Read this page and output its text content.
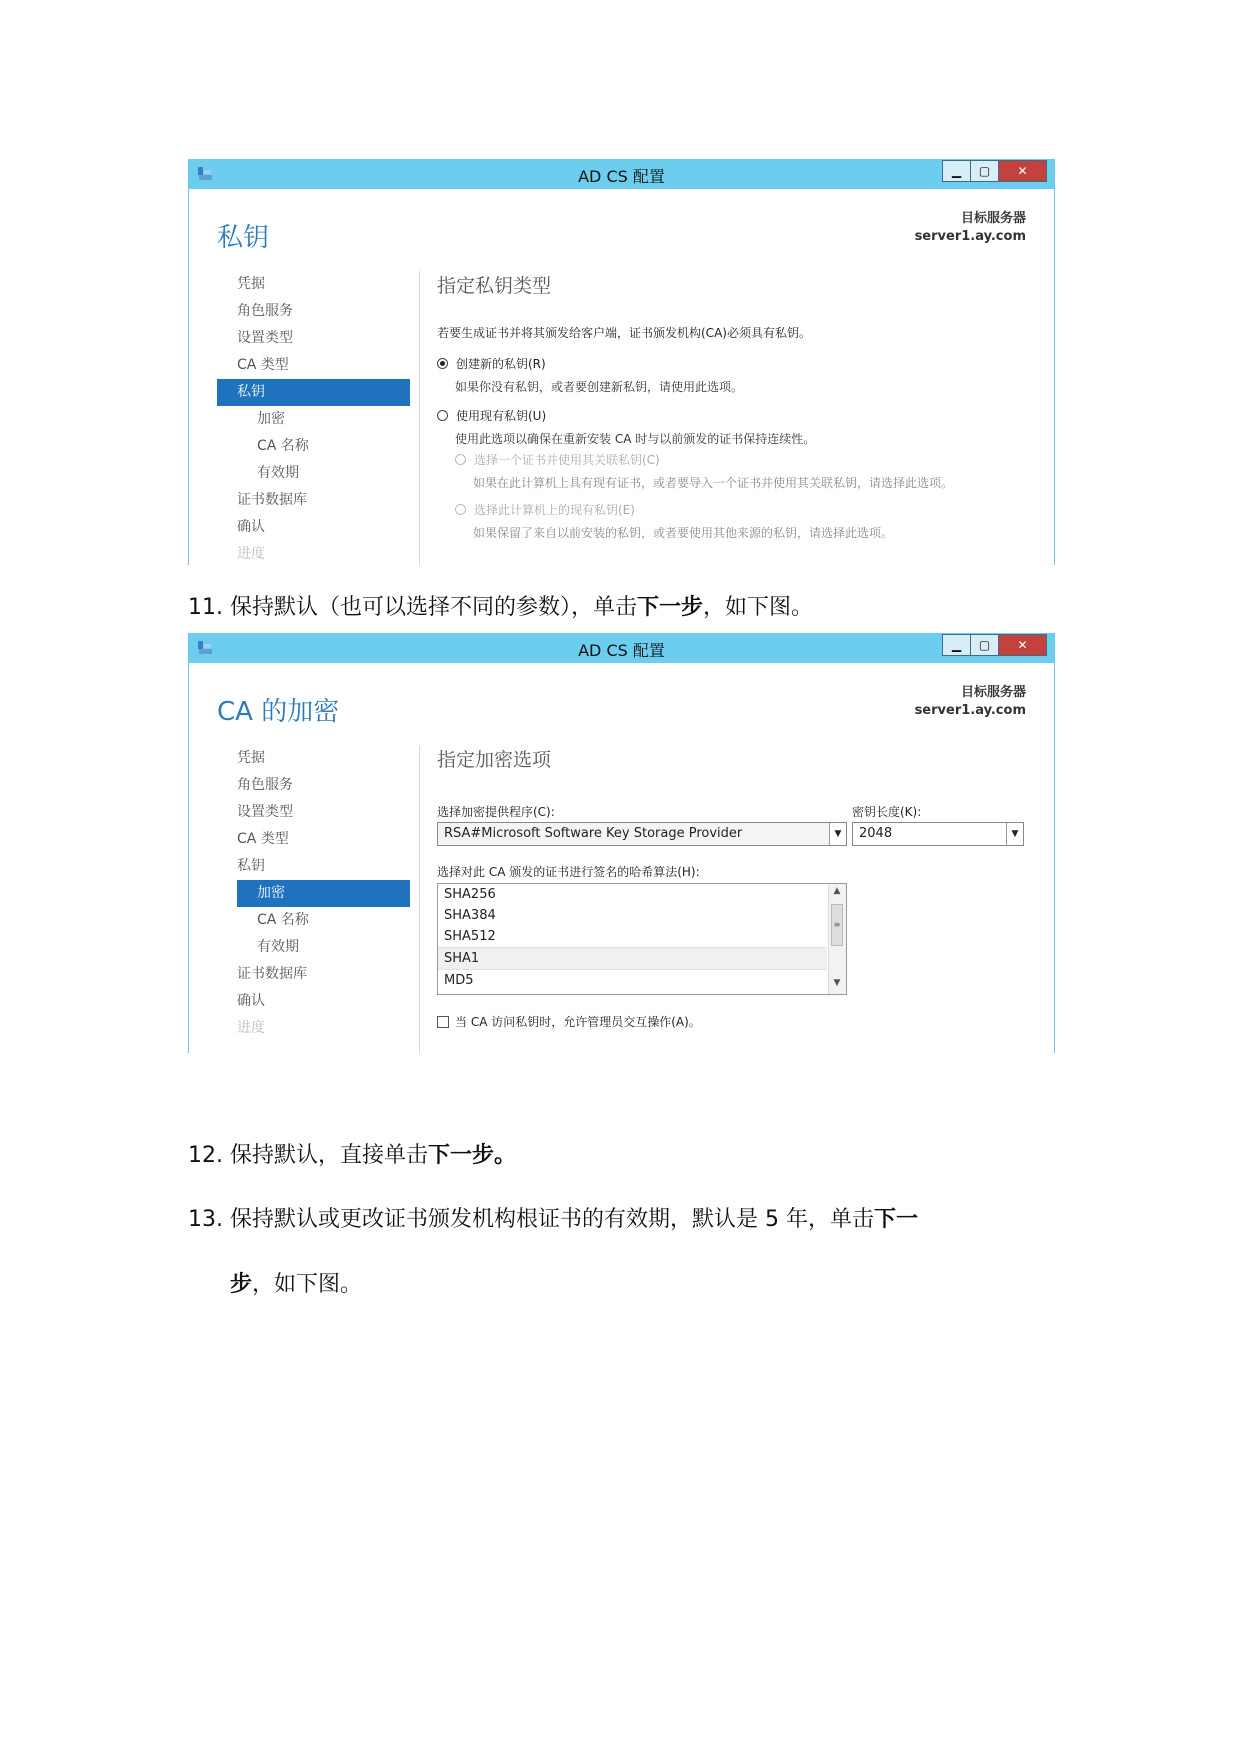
AD CS 配置	▁ ▢ ✕
私钥
目标服务器
server1.ay.com
凭据
角色服务
设置类型
CA 类型
私钥
加密
CA 名称
有效期
证书数据库
确认
进度
指定私钥类型
若要生成证书并将其颁发给客户端，证书颁发机构(CA)必须具有私钥。
创建新的私钥(R)
如果你没有私钥，或者要创建新私钥，请使用此选项。
使用现有私钥(U)
使用此选项以确保在重新安装 CA 时与以前颁发的证书保持连续性。
选择一个证书并使用其关联私钥(C)
如果在此计算机上具有现有证书，或者要导入一个证书并使用其关联私钥，请选择此选项。
选择此计算机上的现有私钥(E)
如果保留了来自以前安装的私钥，或者要使用其他来源的私钥，请选择此选项。
11. 保持默认（也可以选择不同的参数），单击下一步，如下图。
AD CS 配置	▁ ▢ ✕
CA 的加密
目标服务器
server1.ay.com
凭据
角色服务
设置类型
CA 类型
私钥
加密
CA 名称
有效期
证书数据库
确认
进度
指定加密选项
选择加密提供程序(C):
RSA#Microsoft Software Key Storage Provider	▼
密钥长度(K):
2048	▼
选择对此 CA 颁发的证书进行签名的哈希算法(H):
SHA256
SHA384
SHA512
SHA1
MD5
▲
≡
▼
当 CA 访问私钥时，允许管理员交互操作(A)。
12. 保持默认，直接单击下一步。
13. 保持默认或更改证书颁发机构根证书的有效期，默认是 5 年，单击下一
步，如下图。
